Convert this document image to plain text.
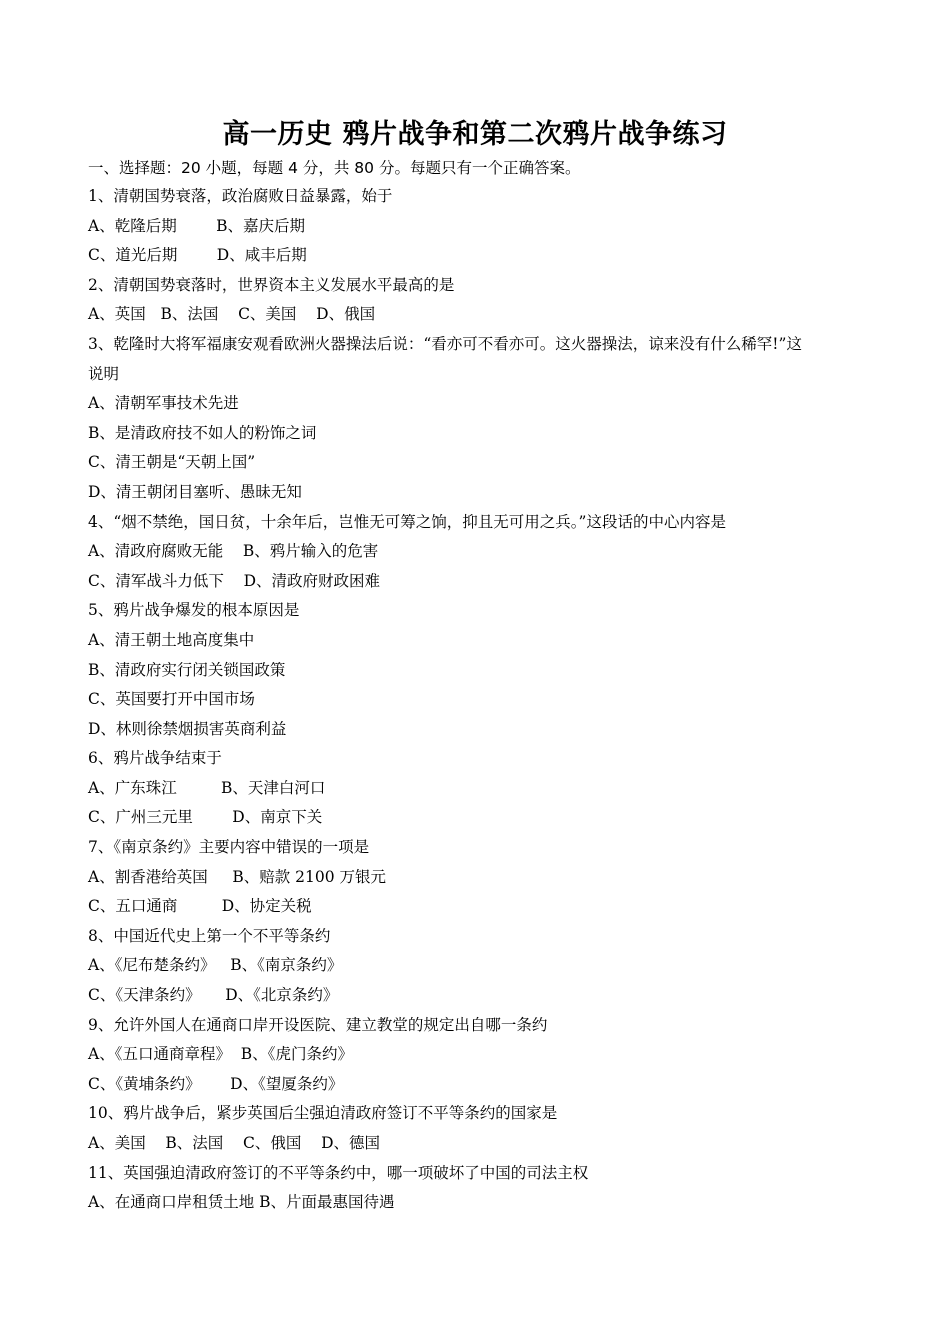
高一历史 鸦片战争和第二次鸦片战争练习
一、选择题：20 小题，每题 4 分，共 80 分。每题只有一个正确答案。
1、清朝国势衰落，政治腐败日益暴露，始于
A、乾隆后期        B、嘉庆后期
C、道光后期        D、咸丰后期
2、清朝国势衰落时，世界资本主义发展水平最高的是
A、英国   B、法国    C、美国    D、俄国
3、乾隆时大将军福康安观看欧洲火器操法后说：“看亦可不看亦可。这火器操法，谅来没有什么稀罕!”这
说明
A、清朝军事技术先进
B、是清政府技不如人的粉饰之词
C、清王朝是“天朝上国”
D、清王朝闭目塞听、愚昧无知
4、“烟不禁绝，国日贫，十余年后，岂惟无可筹之饷，抑且无可用之兵。”这段话的中心内容是
A、清政府腐败无能    B、鸦片输入的危害
C、清军战斗力低下    D、清政府财政困难
5、鸦片战争爆发的根本原因是
A、清王朝土地高度集中
B、清政府实行闭关锁国政策
C、英国要打开中国市场
D、林则徐禁烟损害英商利益
6、鸦片战争结束于
A、广东珠江         B、天津白河口
C、广州三元里        D、南京下关
7、《南京条约》主要内容中错误的一项是
A、割香港给英国     B、赔款 2100 万银元
C、五口通商         D、协定关税
8、中国近代史上第一个不平等条约
A、《尼布楚条约》   B、《南京条约》
C、《天津条约》     D、《北京条约》
9、允许外国人在通商口岸开设医院、建立教堂的规定出自哪一条约
A、《五口通商章程》  B、《虎门条约》
C、《黄埔条约》      D、《望厦条约》
10、鸦片战争后，紧步英国后尘强迫清政府签订不平等条约的国家是
A、美国    B、法国    C、俄国    D、德国
11、英国强迫清政府签订的不平等条约中，哪一项破坏了中国的司法主权
A、在通商口岸租赁土地 B、片面最惠国待遇
